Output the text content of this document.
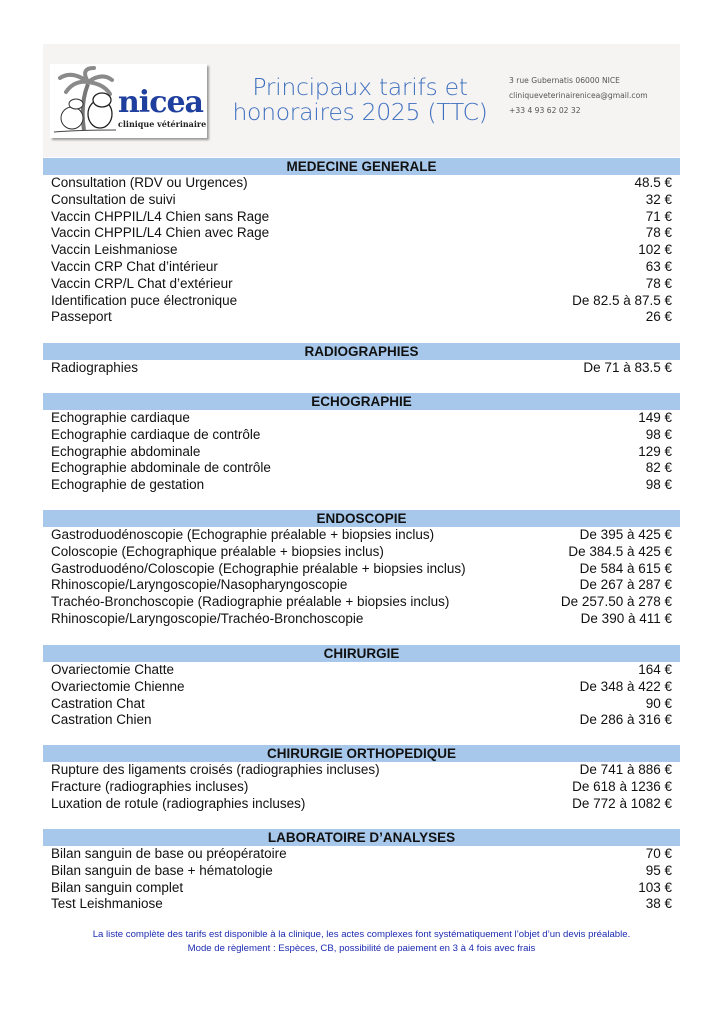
nicea
clinique vétérinaire
Principaux tarifs et
honoraires 2025 (TTC)
3 rue Gubernatis 06000 NICE
cliniqueveterinairenicea@gmail.com
+33 4 93 62 02 32
MEDECINE GENERALE
Consultation (RDV ou Urgences)	48.5 €
Consultation de suivi	32 €
Vaccin CHPPIL/L4 Chien sans Rage	71 €
Vaccin CHPPIL/L4 Chien avec Rage	78 €
Vaccin Leishmaniose	102 €
Vaccin CRP Chat d’intérieur	63 €
Vaccin CRP/L Chat d’extérieur	78 €
Identification puce électronique	De 82.5 à 87.5 €
Passeport	26 €
RADIOGRAPHIES
Radiographies	De 71 à 83.5 €
ECHOGRAPHIE
Echographie cardiaque	149 €
Echographie cardiaque de contrôle	98 €
Echographie abdominale	129 €
Echographie abdominale de contrôle	82 €
Echographie de gestation	98 €
ENDOSCOPIE
Gastroduodénoscopie (Echographie préalable + biopsies inclus)	De 395 à 425 €
Coloscopie (Echographique préalable + biopsies inclus)	De 384.5 à 425 €
Gastroduodéno/Coloscopie (Echographie préalable + biopsies inclus)	De 584 à 615 €
Rhinoscopie/Laryngoscopie/Nasopharyngoscopie	De 267 à 287 €
Trachéo-Bronchoscopie (Radiographie préalable + biopsies inclus)	De 257.50 à 278 €
Rhinoscopie/Laryngoscopie/Trachéo-Bronchoscopie	De 390 à 411 €
CHIRURGIE
Ovariectomie Chatte	164 €
Ovariectomie Chienne	De 348 à 422 €
Castration Chat	90 €
Castration Chien	De 286 à 316 €
CHIRURGIE ORTHOPEDIQUE
Rupture des ligaments croisés (radiographies incluses)	De 741 à 886 €
Fracture (radiographies incluses)	De 618 à 1236 €
Luxation de rotule (radiographies incluses)	De 772 à 1082 €
LABORATOIRE D’ANALYSES
Bilan sanguin de base ou préopératoire	70 €
Bilan sanguin de base + hématologie	95 €
Bilan sanguin complet	103 €
Test Leishmaniose	38 €
La liste complète des tarifs est disponible à la clinique, les actes complexes font systématiquement l’objet d’un devis préalable.
Mode de règlement : Espèces, CB, possibilité de paiement en 3 à 4 fois avec frais
